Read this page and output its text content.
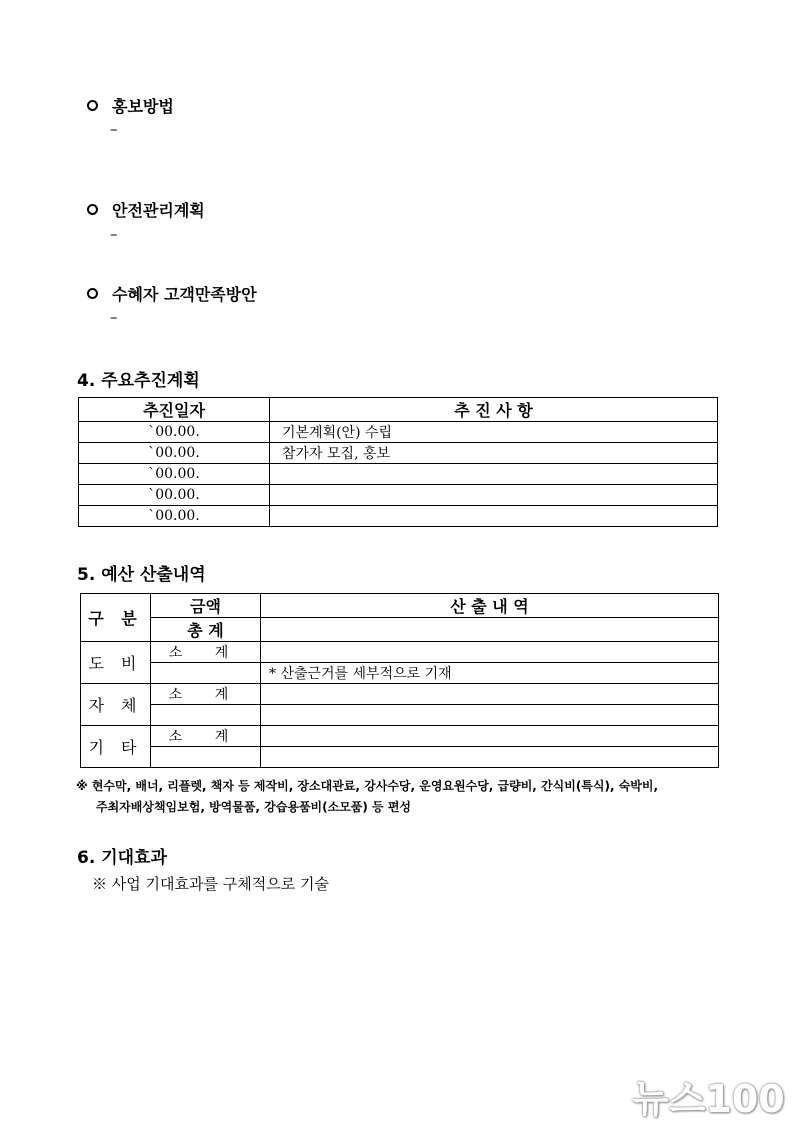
홍보방법
–
안전관리계획
–
수혜자 고객만족방안
–
4. 주요추진계획
추진일자	추 진 사 항
`00.00.	기본계획(안) 수립
`00.00.	참가자 모집, 홍보
`00.00.	
`00.00.	
`00.00.	
5. 예산 산출내역
구 분	금액	산 출 내 역
	총 계	
도 비	소 계	
		* 산출근거를 세부적으로 기재
자 체	소 계	

기 타	소 계	

※ 현수막, 배너, 리플렛, 책자 등 제작비, 장소대관료, 강사수당, 운영요원수당, 급량비, 간식비(특식), 숙박비,
주최자배상책임보험, 방역물품, 강습용품비(소모품) 등 편성
6. 기대효과
※ 사업 기대효과를 구체적으로 기술
뉴스100
